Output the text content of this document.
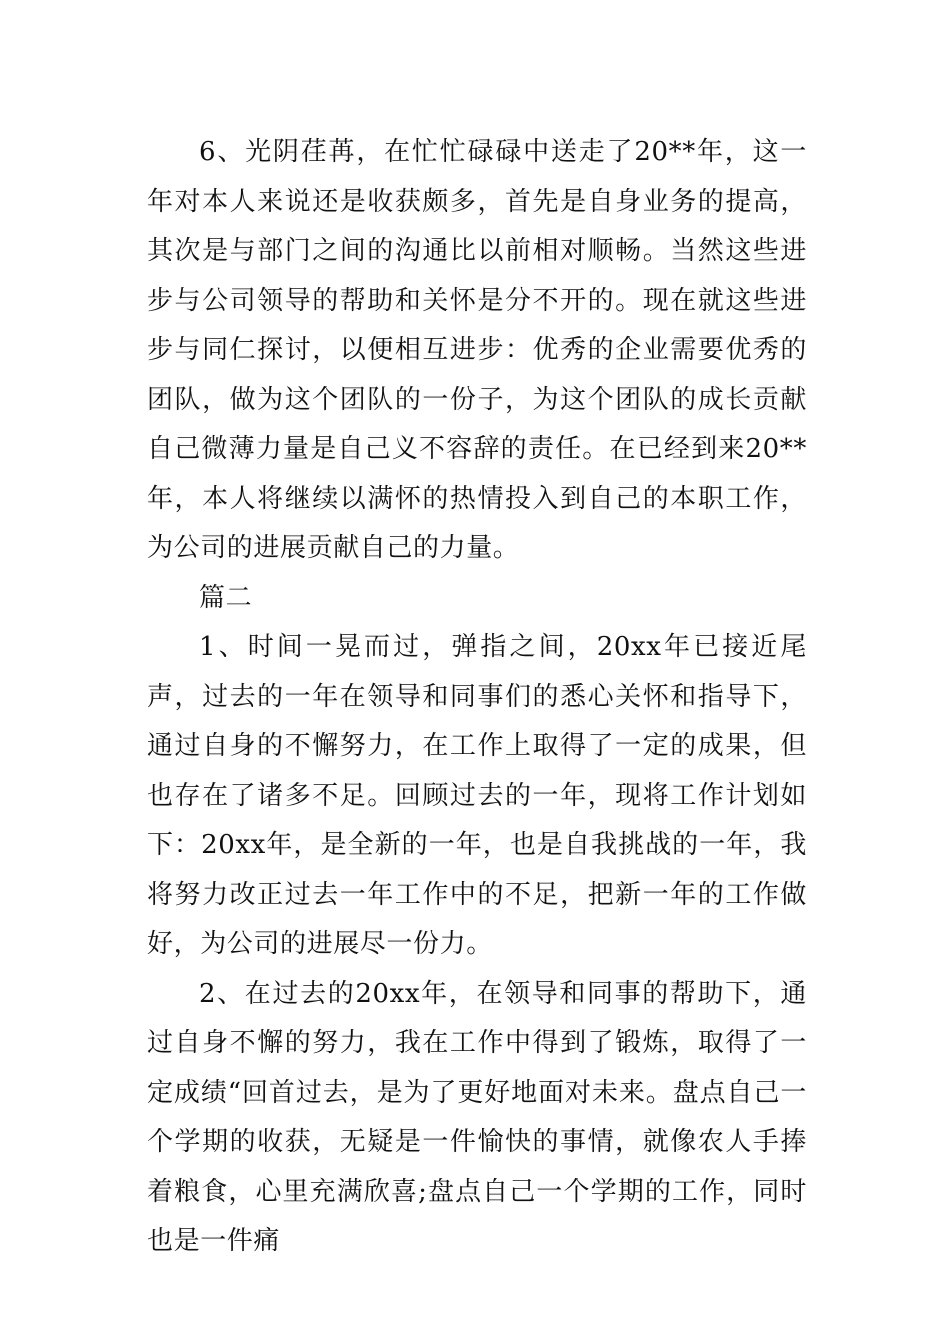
6、光阴荏苒，在忙忙碌碌中送走了20**年，这一年对本人来说还是收获颇多，首先是自身业务的提高，其次是与部门之间的沟通比以前相对顺畅。当然这些进步与公司领导的帮助和关怀是分不开的。现在就这些进步与同仁探讨，以便相互进步：优秀的企业需要优秀的团队，做为这个团队的一份子，为这个团队的成长贡献自己微薄力量是自己义不容辞的责任。在已经到来20**年，本人将继续以满怀的热情投入到自己的本职工作，为公司的进展贡献自己的力量。

篇二

1、时间一晃而过，弹指之间，20xx年已接近尾声，过去的一年在领导和同事们的悉心关怀和指导下，通过自身的不懈努力，在工作上取得了一定的成果，但也存在了诸多不足。回顾过去的一年，现将工作计划如下：20xx年，是全新的一年，也是自我挑战的一年，我将努力改正过去一年工作中的不足，把新一年的工作做好，为公司的进展尽一份力。

2、在过去的20xx年，在领导和同事的帮助下，通过自身不懈的努力，我在工作中得到了锻炼，取得了一定成绩“回首过去，是为了更好地面对未来。盘点自己一个学期的收获，无疑是一件愉快的事情，就像农人手捧着粮食，心里充满欣喜;盘点自己一个学期的工作，同时也是一件痛
